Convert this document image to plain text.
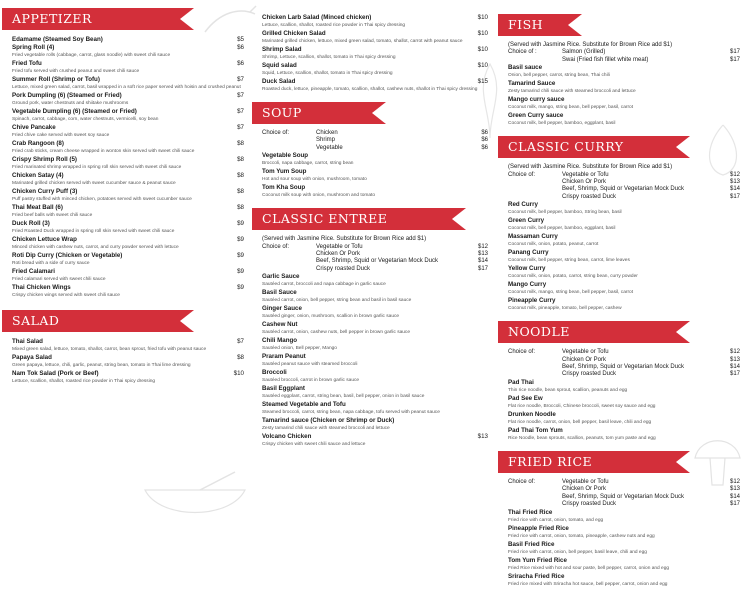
APPETIZER
Edamame (Steamed Soy Bean)	$5
Spring Roll (4)	$6
Fried vegetable rolls (cabbage, carrot, glass noodle) with sweet chili sauce
Fried Tofu	$6
Fried tofu served with crushed peanut and sweet chili sauce
Summer Roll (Shrimp or Tofu)	$7
Lettuce, mixed green salad, carrot, basil wrapped in a soft rice paper served with hoisin and crushed peanut
Pork Dumpling (6) (Steamed or Fried)	$7
Ground pork, water chestnuts and shiitake mushrooms
Vegetable Dumpling (6) (Steamed or Fried)	$7
Spinach, carrot, cabbage, corn, water chestnuts, vermicelli, soy bean
Chive Pancake	$7
Fried chive cake served with sweet soy sauce
Crab Rangoon (8)	$8
Fried crab sticks, cream cheese wrapped in wonton skin served with sweet chili sauce
Crispy Shrimp Roll (5)	$8
Fried marinated shrimp wrapped in spring roll skin served with sweet chili sauce
Chicken Satay (4)	$8
Marinated grilled chicken served with sweet cucumber sauce & peanut sauce
Chicken Curry Puff (3)	$8
Puff pastry stuffed with minced chicken, potatoes served with sweet cucumber sauce
Thai Meat Ball (6)	$8
Fried beef balls with sweet chili sauce
Duck Roll (3)	$9
Fried Roasted Duck wrapped in spring roll skin served with sweet chili sauce
Chicken Lettuce Wrap	$9
Minced chicken with cashew nuts, carrot, and curry powder served with lettuce
Roti Dip Curry (Chicken or Vegetable)	$9
Roti bread with a side of curry sauce
Fried Calamari	$9
Fried calamari served with sweet chili sauce
Thai Chicken Wings	$9
Crispy chicken wings served with sweet chili sauce
SALAD
Thai Salad	$7
Mixed green salad, lettuce, tomato, shallot, carrot, bean sprout, fried tofu with peanut sauce
Papaya Salad	$8
Green papaya, lettuce, chili, garlic, peanut, string bean, tomato in Thai lime dressing
Nam Tok Salad (Pork or Beef)	$10
Lettuce, scallion, shallot, roasted rice powder in Thai spicy dressing
Chicken Larb Salad (Minced chicken)	$10
Lettuce, scallion, shallot, roasted rice powder in Thai spicy dressing
Grilled Chicken Salad	$10
Marinated grilled chicken, lettuce, mixed green salad, tomato, shallot, carrot with peanut sauce
Shrimp Salad	$10
Shrimp, Lettuce, scallion, shallot, tomato in Thai spicy dressing
Squid salad	$10
Squid, Lettuce, scallion, shallot, tomato in Thai spicy dressing
Duck Salad	$15
Roasted duck, lettuce, pineapple, tomato, scallion, shallot, cashew nuts, shallot in Thai spicy dressing
SOUP
Choice of:	Chicken	$6
Shrimp	$6
Vegetable	$6
Vegetable Soup
Broccoli, napa cabbage, carrot, string bean
Tom Yum Soup
Hot and sour soup with onion, mushroom, tomato
Tom Kha Soup
Coconut milk soup with onion, mushroom and tomato
CLASSIC ENTREE
(Served with Jasmine Rice. Substitute for Brown Rice add $1)
Choice of:	Vegetable or Tofu	$12
Chicken Or Pork	$13
Beef, Shrimp, Squid or Vegetarian Mock Duck	$14
Crispy roasted Duck	$17
Garlic Sauce
Sautéed carrot, broccoli and napa cabbage in garlic sauce
Basil Sauce
Sautéed carrot, onion, bell pepper, string bean and basil in basil sauce
Ginger Sauce
Sautéed ginger, onion, mushroom, scallion in brown garlic sauce
Cashew Nut
Sautéed carrot, onion, cashew nuts, bell pepper in brown garlic sauce
Chili Mango
Sautéed onion, Bell pepper, Mango
Praram Peanut
Sautéed peanut sauce with steamed broccoli
Broccoli
Sautéed broccoli, carrot in brown garlic sauce
Basil Eggplant
Sautéed eggplant, carrot, string bean, basil, bell pepper, onion in basil sauce
Steamed Vegetable and Tofu
Steamed broccoli, carrot, string bean, napa cabbage, tofu served with peanut sauce
Tamarind sauce (Chicken or Shrimp or Duck)
Zesty tamarind chili sauce with steamed broccoli and lettuce
Volcano Chicken	$13
Crispy chicken with sweet chili sauce and lettuce
FISH
(Served with Jasmine Rice. Substitute for Brown Rice add $1)
Choice of :	Salmon (Grilled)	$17
Swai (Fried fish fillet white meat)	$17
Basil sauce
Onion, bell pepper, carrot, string bean, Thai chili
Tamarind Sauce
Zesty tamarind chili sauce with steamed broccoli and lettuce
Mango curry sauce
Coconut milk, mango, string bean, bell pepper, basil, carrot
Green Curry sauce
Coconut milk, bell pepper, bamboo, eggplant, basil
CLASSIC CURRY
(Served with Jasmine Rice. Substitute for Brown Rice add $1)
Choice of:	Vegetable or Tofu	$12
Chicken Or Pork	$13
Beef, Shrimp, Squid or Vegetarian Mock Duck	$14
Crispy roasted Duck	$17
Red Curry
Coconut milk, bell pepper, bamboo, String bean, basil
Green Curry
Coconut milk, bell pepper, bamboo, eggplant, basil
Massaman Curry
Coconut milk, onion, potato, peanut, carrot
Panang Curry
Coconut milk, bell pepper, string bean, carrot, lime leaves
Yellow Curry
Coconut milk, onion, potato, carrot, string bean, curry powder
Mango Curry
Coconut milk, mango, string bean, bell pepper, basil, carrot
Pineapple Curry
Coconut milk, pineapple, tomato, bell pepper, cashew
NOODLE
Choice of:	Vegetable or Tofu	$12
Chicken Or Pork	$13
Beef, Shrimp, Squid or Vegetarian Mock Duck	$14
Crispy roasted Duck	$17
Pad Thai
Thin rice noodle, bean sprout, scallion, peanuts and egg
Pad See Ew
Flat rice noodle, Broccoli, Chinese broccoli, sweet soy sauce and egg
Drunken Noodle
Flat rice noodle, carrot, onion, bell pepper, basil leave, chili and egg
Pad Thai Tom Yum
Rice Noodle, bean sprouts, scallion, peanuts, tom yum paste and egg
FRIED RICE
Choice of:	Vegetable or Tofu	$12
Chicken Or Pork	$13
Beef, Shrimp, Squid or Vegetarian Mock Duck	$14
Crispy roasted Duck	$17
Thai Fried Rice
Fried rice with carrot, onion, tomato, and egg
Pineapple Fried Rice
Fried rice with carrot, onion, tomato, pineapple, cashew nuts and egg
Basil Fried Rice
Fried rice with carrot, onion, bell pepper, basil leave, chili and egg
Tom Yum Fried Rice
Fried Rice mixed with hot and sour paste, bell pepper, carrot, onion and egg
Sriracha Fried Rice
Fried rice mixed with Sriracha hot sauce, bell pepper, carrot, onion and egg
